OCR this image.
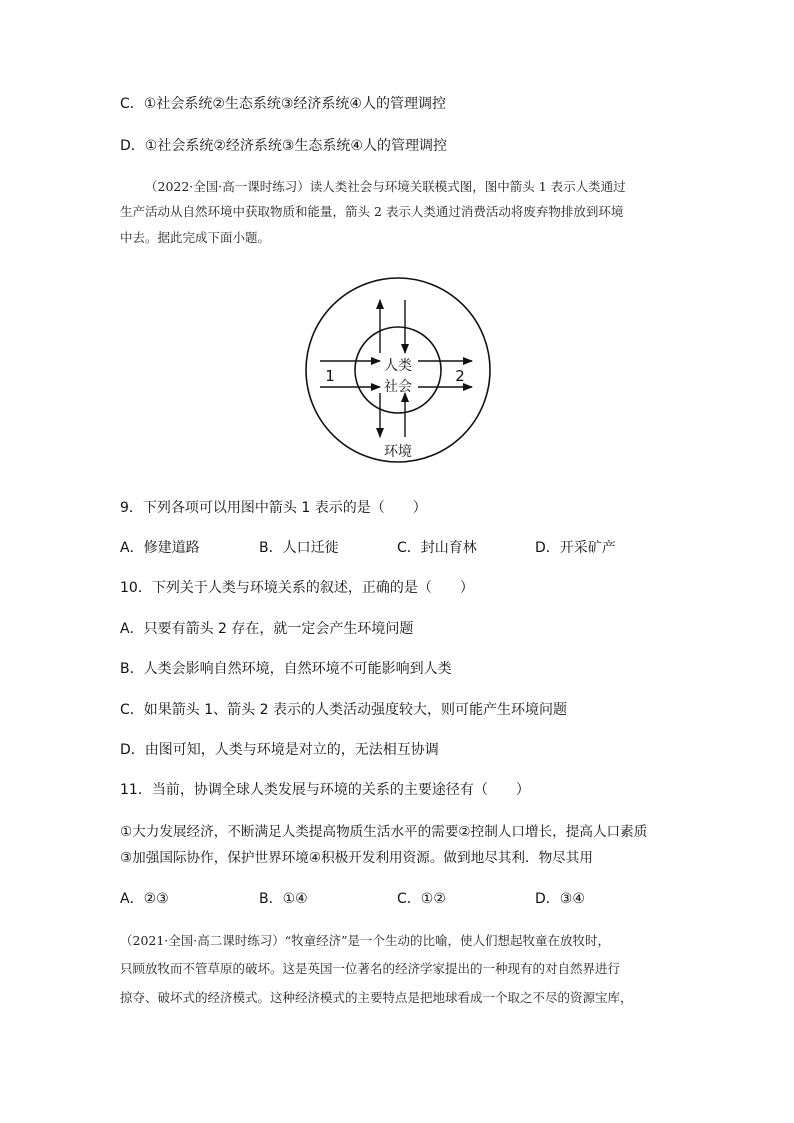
C．①社会系统②生态系统③经济系统④人的管理调控
D．①社会系统②经济系统③生态系统④人的管理调控
（2022·全国·高一课时练习）读人类社会与环境关联模式图，图中箭头 1 表示人类通过
生产活动从自然环境中获取物质和能量，箭头 2 表示人类通过消费活动将废弃物排放到环境
中去。据此完成下面小题。
人类
社会
1	2
环境
9．下列各项可以用图中箭头 1 表示的是（　　）
A．修建道路	B．人口迁徙	C．封山育林	D．开采矿产
10．下列关于人类与环境关系的叙述，正确的是（　　）
A．只要有箭头 2 存在，就一定会产生环境问题
B．人类会影响自然环境，自然环境不可能影响到人类
C．如果箭头 1、箭头 2 表示的人类活动强度较大，则可能产生环境问题
D．由图可知，人类与环境是对立的，无法相互协调
11．当前，协调全球人类发展与环境的关系的主要途径有（　　）
①大力发展经济，不断满足人类提高物质生活水平的需要②控制人口增长，提高人口素质
③加强国际协作，保护世界环境④积极开发利用资源。做到地尽其利．物尽其用
A．②③	B．①④	C．①②	D．③④
（2021·全国·高二课时练习）“牧童经济”是一个生动的比喻，使人们想起牧童在放牧时，
只顾放牧而不管草原的破坏。这是英国一位著名的经济学家提出的一种现有的对自然界进行
掠夺、破坏式的经济模式。这种经济模式的主要特点是把地球看成一个取之不尽的资源宝库，
